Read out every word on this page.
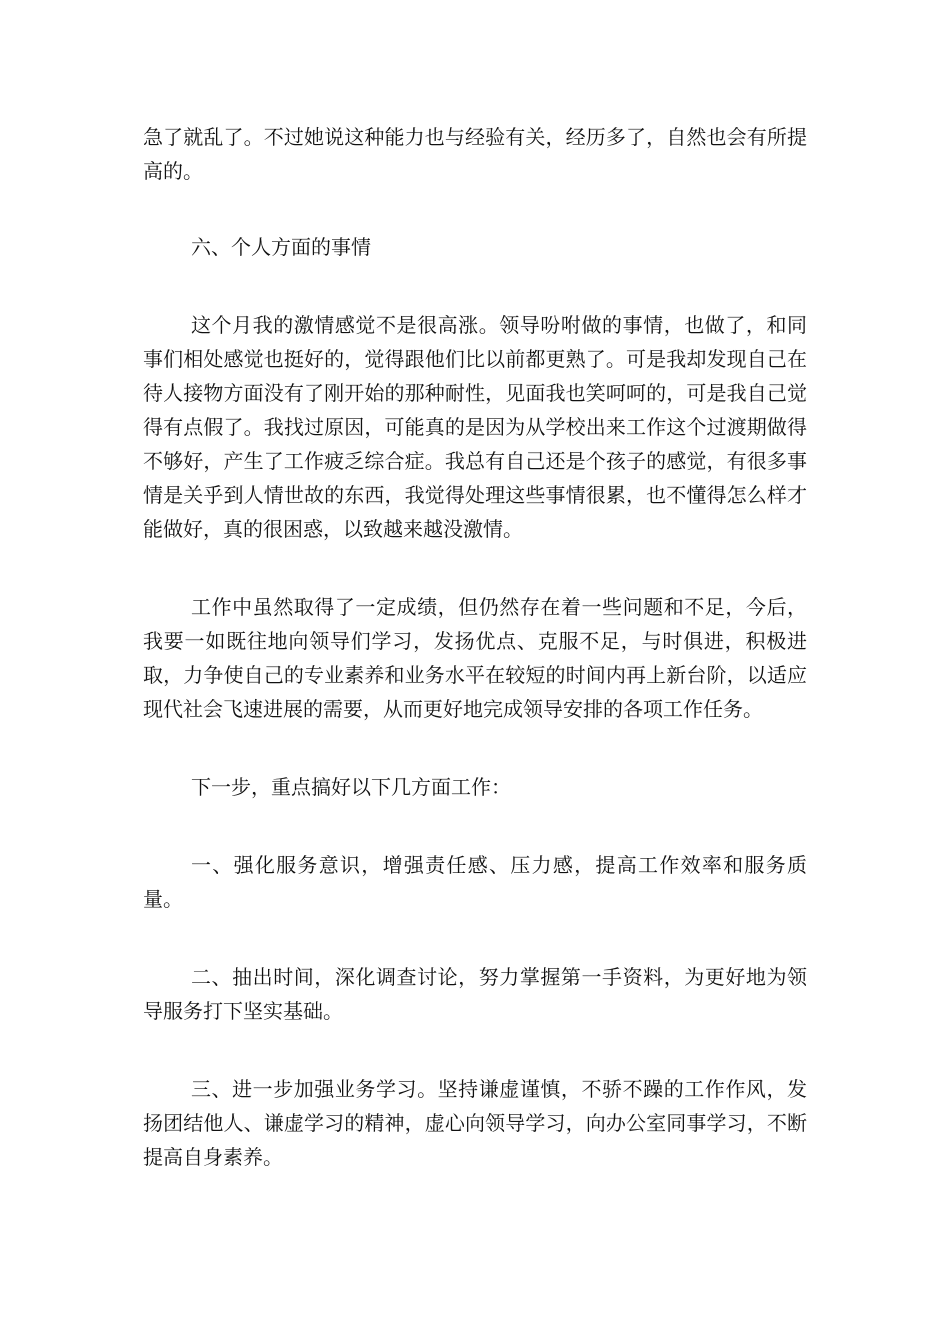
急了就乱了。不过她说这种能力也与经验有关，经历多了，自然也会有所提高的。

六、个人方面的事情

这个月我的激情感觉不是很高涨。领导吩咐做的事情，也做了，和同事们相处感觉也挺好的，觉得跟他们比以前都更熟了。可是我却发现自己在待人接物方面没有了刚开始的那种耐性，见面我也笑呵呵的，可是我自己觉得有点假了。我找过原因，可能真的是因为从学校出来工作这个过渡期做得不够好，产生了工作疲乏综合症。我总有自己还是个孩子的感觉，有很多事情是关乎到人情世故的东西，我觉得处理这些事情很累，也不懂得怎么样才能做好，真的很困惑，以致越来越没激情。

工作中虽然取得了一定成绩，但仍然存在着一些问题和不足，今后，我要一如既往地向领导们学习，发扬优点、克服不足，与时俱进，积极进取，力争使自己的专业素养和业务水平在较短的时间内再上新台阶，以适应现代社会飞速进展的需要，从而更好地完成领导安排的各项工作任务。

下一步，重点搞好以下几方面工作：

一、强化服务意识，增强责任感、压力感，提高工作效率和服务质量。

二、抽出时间，深化调查讨论，努力掌握第一手资料，为更好地为领导服务打下坚实基础。

三、进一步加强业务学习。坚持谦虚谨慎，不骄不躁的工作作风，发扬团结他人、谦虚学习的精神，虚心向领导学习，向办公室同事学习，不断提高自身素养。
